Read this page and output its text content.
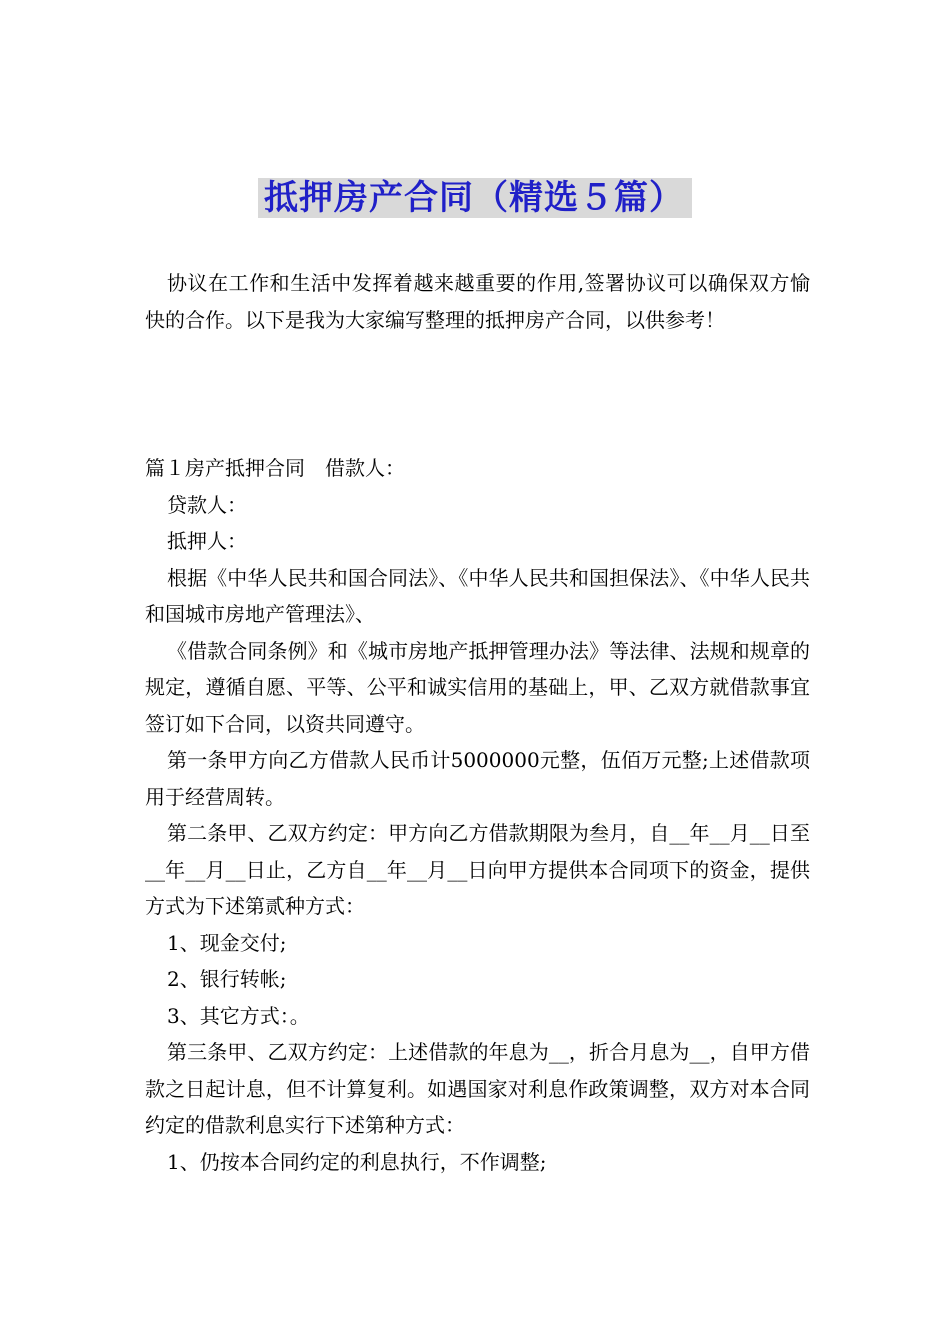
抵押房产合同（精选５篇）

协议在工作和生活中发挥着越来越重要的作用,签署协议可以确保双方愉快的合作。以下是我为大家编写整理的抵押房产合同，以供参考！

篇１房产抵押合同　借款人：

贷款人：

抵押人：

根据《中华人民共和国合同法》、《中华人民共和国担保法》、《中华人民共和国城市房地产管理法》、

《借款合同条例》和《城市房地产抵押管理办法》等法律、法规和规章的规定，遵循自愿、平等、公平和诚实信用的基础上，甲、乙双方就借款事宜签订如下合同，以资共同遵守。

第一条甲方向乙方借款人民币计5000000元整，伍佰万元整;上述借款项用于经营周转。

第二条甲、乙双方约定：甲方向乙方借款期限为叁月，自__年__月__日至__年__月__日止，乙方自__年__月__日向甲方提供本合同项下的资金，提供方式为下述第贰种方式：

1、现金交付;

2、银行转帐;

3、其它方式：。

第三条甲、乙双方约定：上述借款的年息为__，折合月息为__，自甲方借款之日起计息，但不计算复利。如遇国家对利息作政策调整，双方对本合同约定的借款利息实行下述第种方式：

1、仍按本合同约定的利息执行，不作调整;
